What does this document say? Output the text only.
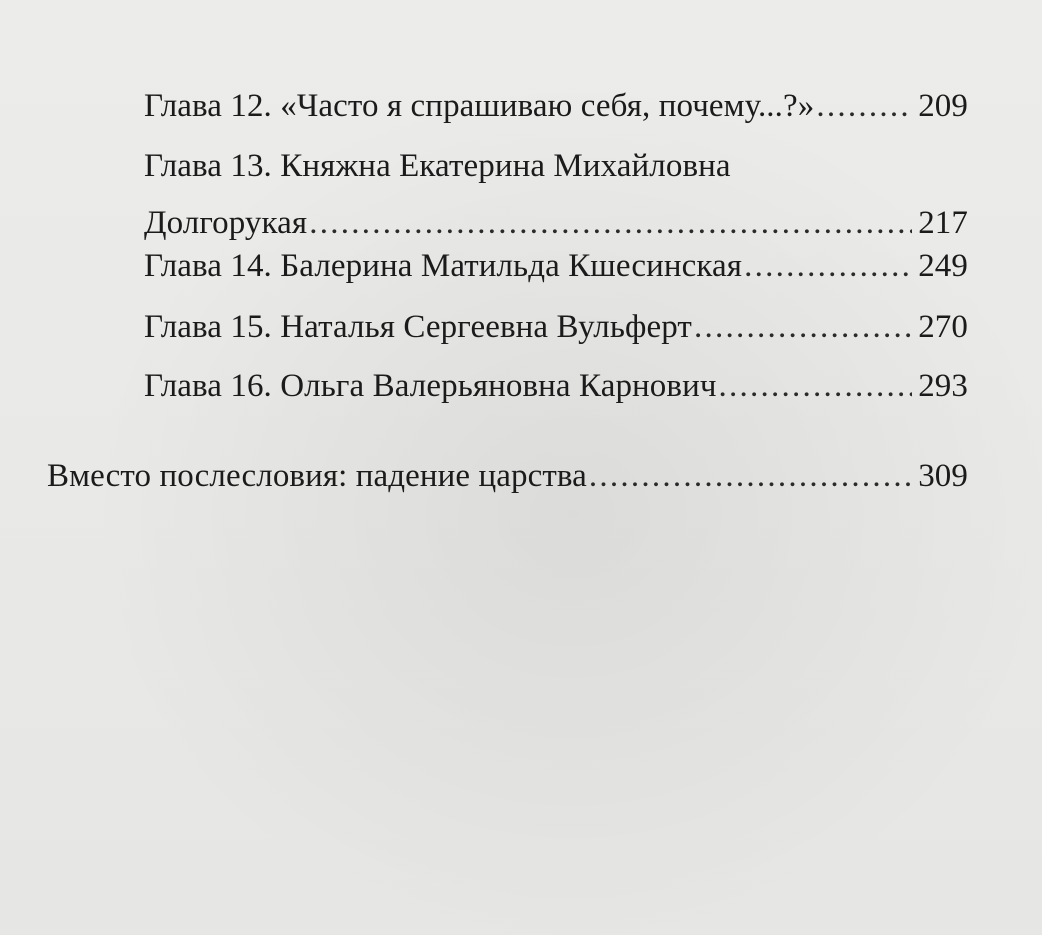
Глава 12. «Часто я спрашиваю себя, почему...?» . . .	209
Глава 13. Княжна Екатерина Михайловна
Долгорукая . . .	217
Глава 14. Балерина Матильда Кшесинская . . .	249
Глава 15. Наталья Сергеевна Вульферт . . .	270
Глава 16. Ольга Валерьяновна Карнович . . .	293
Вместо послесловия: падение царства . . .	309
